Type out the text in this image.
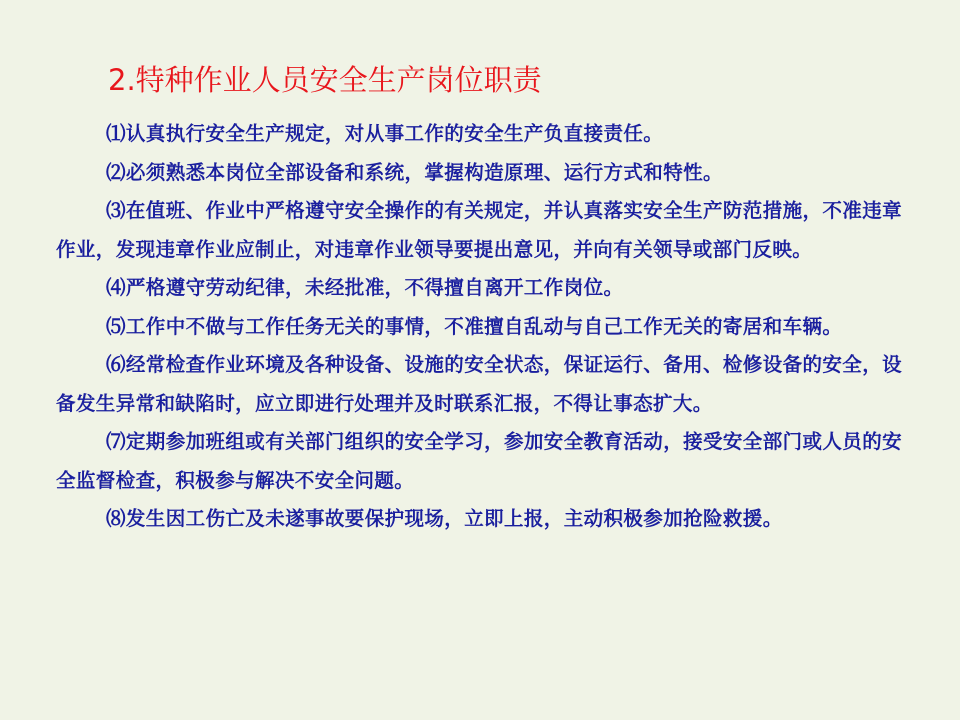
2.特种作业人员安全生产岗位职责

⑴认真执行安全生产规定，对从事工作的安全生产负直接责任。

⑵必须熟悉本岗位全部设备和系统，掌握构造原理、运行方式和特性。

⑶在值班、作业中严格遵守安全操作的有关规定，并认真落实安全生产防范措施，不准违章作业，发现违章作业应制止，对违章作业领导要提出意见，并向有关领导或部门反映。

⑷严格遵守劳动纪律，未经批准，不得擅自离开工作岗位。

⑸工作中不做与工作任务无关的事情，不准擅自乱动与自己工作无关的寄居和车辆。

⑹经常检查作业环境及各种设备、设施的安全状态，保证运行、备用、检修设备的安全，设备发生异常和缺陷时，应立即进行处理并及时联系汇报，不得让事态扩大。

⑺定期参加班组或有关部门组织的安全学习，参加安全教育活动，接受安全部门或人员的安全监督检查，积极参与解决不安全问题。

⑻发生因工伤亡及未遂事故要保护现场，立即上报，主动积极参加抢险救援。
